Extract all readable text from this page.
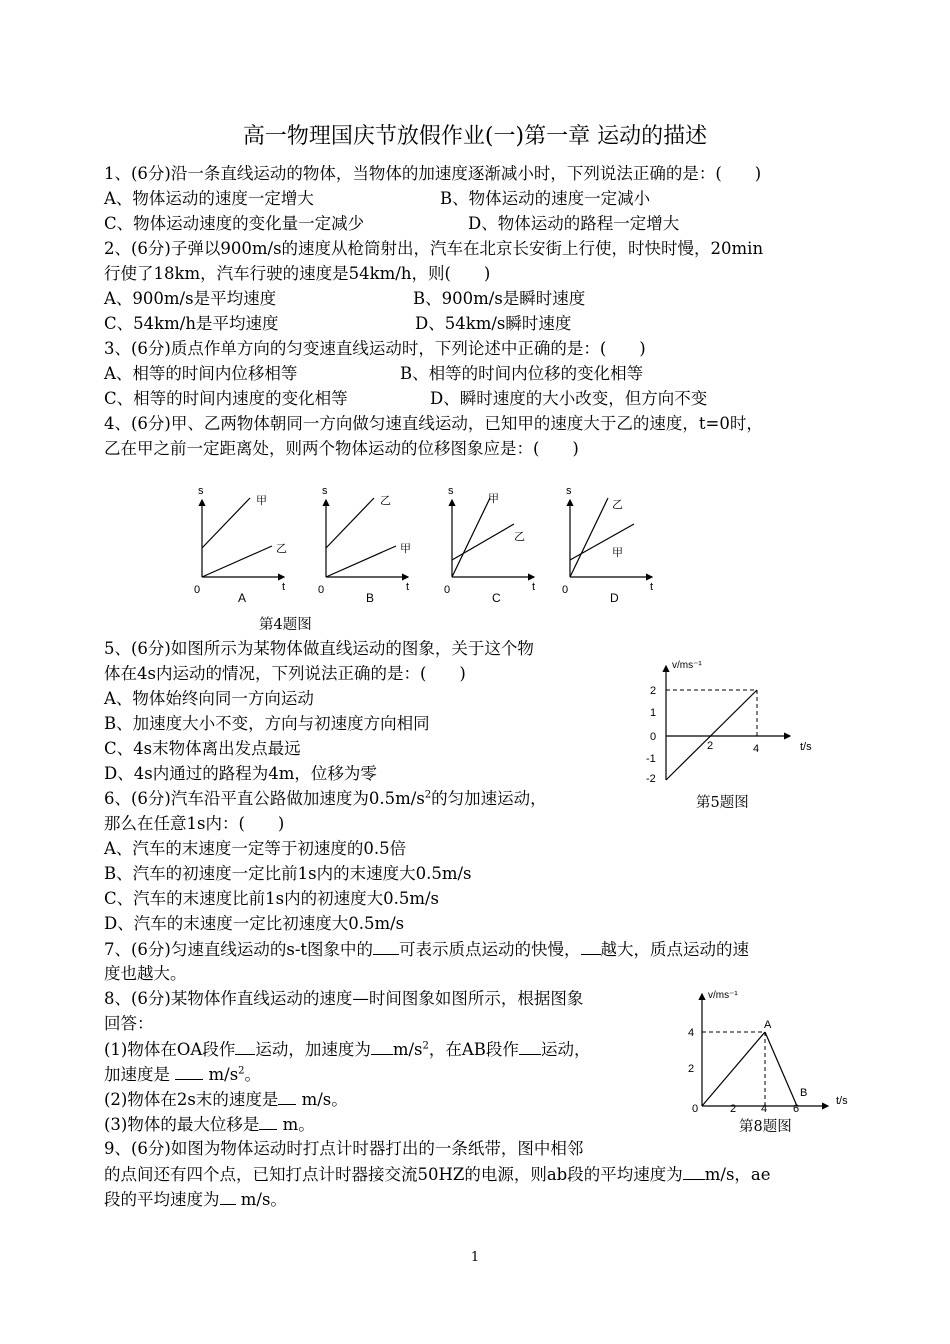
高一物理国庆节放假作业(一)第一章 运动的描述
1、(6分)沿一条直线运动的物体，当物体的加速度逐渐减小时，下列说法正确的是：(　　)
A、物体运动的速度一定增大	B、物体运动的速度一定减小
C、物体运动速度的变化量一定减少	D、物体运动的路程一定增大
2、(6分)子弹以900m/s的速度从枪筒射出，汽车在北京长安街上行使，时快时慢，20min
行使了18km，汽车行驶的速度是54km/h，则(　　)
A、900m/s是平均速度	B、900m/s是瞬时速度
C、54km/h是平均速度	D、54km/s瞬时速度
3、(6分)质点作单方向的匀变速直线运动时，下列论述中正确的是：(　　)
A、相等的时间内位移相等	B、相等的时间内位移的变化相等
C、相等的时间内速度的变化相等	D、瞬时速度的大小改变，但方向不变
4、(6分)甲、乙两物体朝同一方向做匀速直线运动，已知甲的速度大于乙的速度，t=0时，
乙在甲之前一定距离处，则两个物体运动的位移图象应是：(　　)
s
t
0
甲
乙
A
s
t
0
乙
甲
B
s
t
0
甲
乙
C
s
t
0
乙
甲
D
第4题图
5、(6分)如图所示为某物体做直线运动的图象，关于这个物
体在4s内运动的情况，下列说法正确的是：(　　)
A、物体始终向同一方向运动
B、加速度大小不变，方向与初速度方向相同
C、4s末物体离出发点最远
D、4s内通过的路程为4m，位移为零
v/ms⁻¹
t/s
2
1
0
-1
-2
2	4
第5题图
6、(6分)汽车沿平直公路做加速度为$0.5m/s^2$的匀加速运动，
那么在任意1s内：(　　)
A、汽车的末速度一定等于初速度的0.5倍
B、汽车的初速度一定比前1s内的末速度大0.5m/s
C、汽车的末速度比前1s内的初速度大0.5m/s
D、汽车的末速度一定比初速度大0.5m/s
7、(6分)匀速直线运动的s-t图象中的 可表示质点运动的快慢， 越大，质点运动的速
度也越大。
8、(6分)某物体作直线运动的速度—时间图象如图所示，根据图象
回答：
(1)物体在OA段作 运动，加速度为 $m/s^2$，在AB段作 运动，
加速度是  $m/s^2$。
(2)物体在2s末的速度是 m/s。
(3)物体的最大位移是 m。
v/ms⁻¹
t/s
4
2
0	2 4 6
A
B
第8题图
9、(6分)如图为物体运动时打点计时器打出的一条纸带，图中相邻
的点间还有四个点，已知打点计时器接交流50HZ的电源，则ab段的平均速度为 m/s，ae
段的平均速度为 m/s。
1
